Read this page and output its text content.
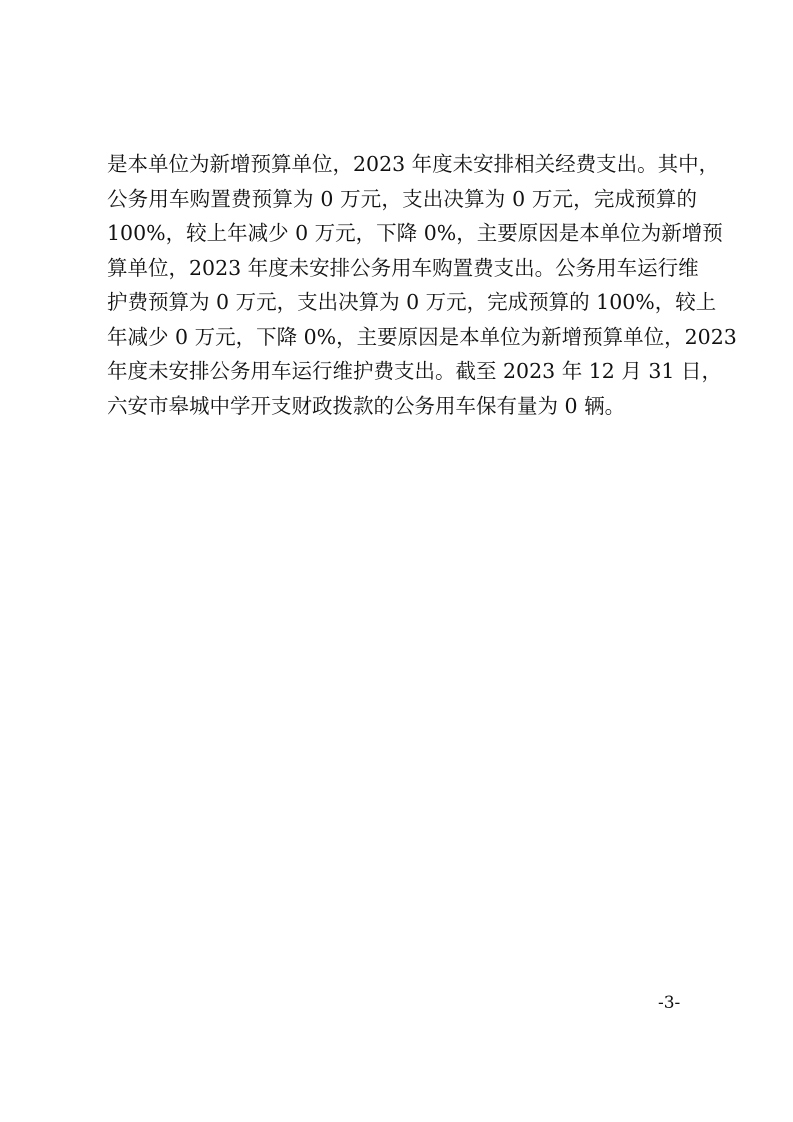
是本单位为新增预算单位，2023 年度未安排相关经费支出。其中，
公务用车购置费预算为 0 万元，支出决算为 0 万元，完成预算的
100%，较上年减少 0 万元，下降 0%，主要原因是本单位为新增预
算单位，2023 年度未安排公务用车购置费支出。公务用车运行维
护费预算为 0 万元，支出决算为 0 万元，完成预算的 100%，较上
年减少 0 万元，下降 0%，主要原因是本单位为新增预算单位，2023
年度未安排公务用车运行维护费支出。截至 2023 年 12 月 31 日，
六安市皋城中学开支财政拨款的公务用车保有量为 0 辆。
-3-
